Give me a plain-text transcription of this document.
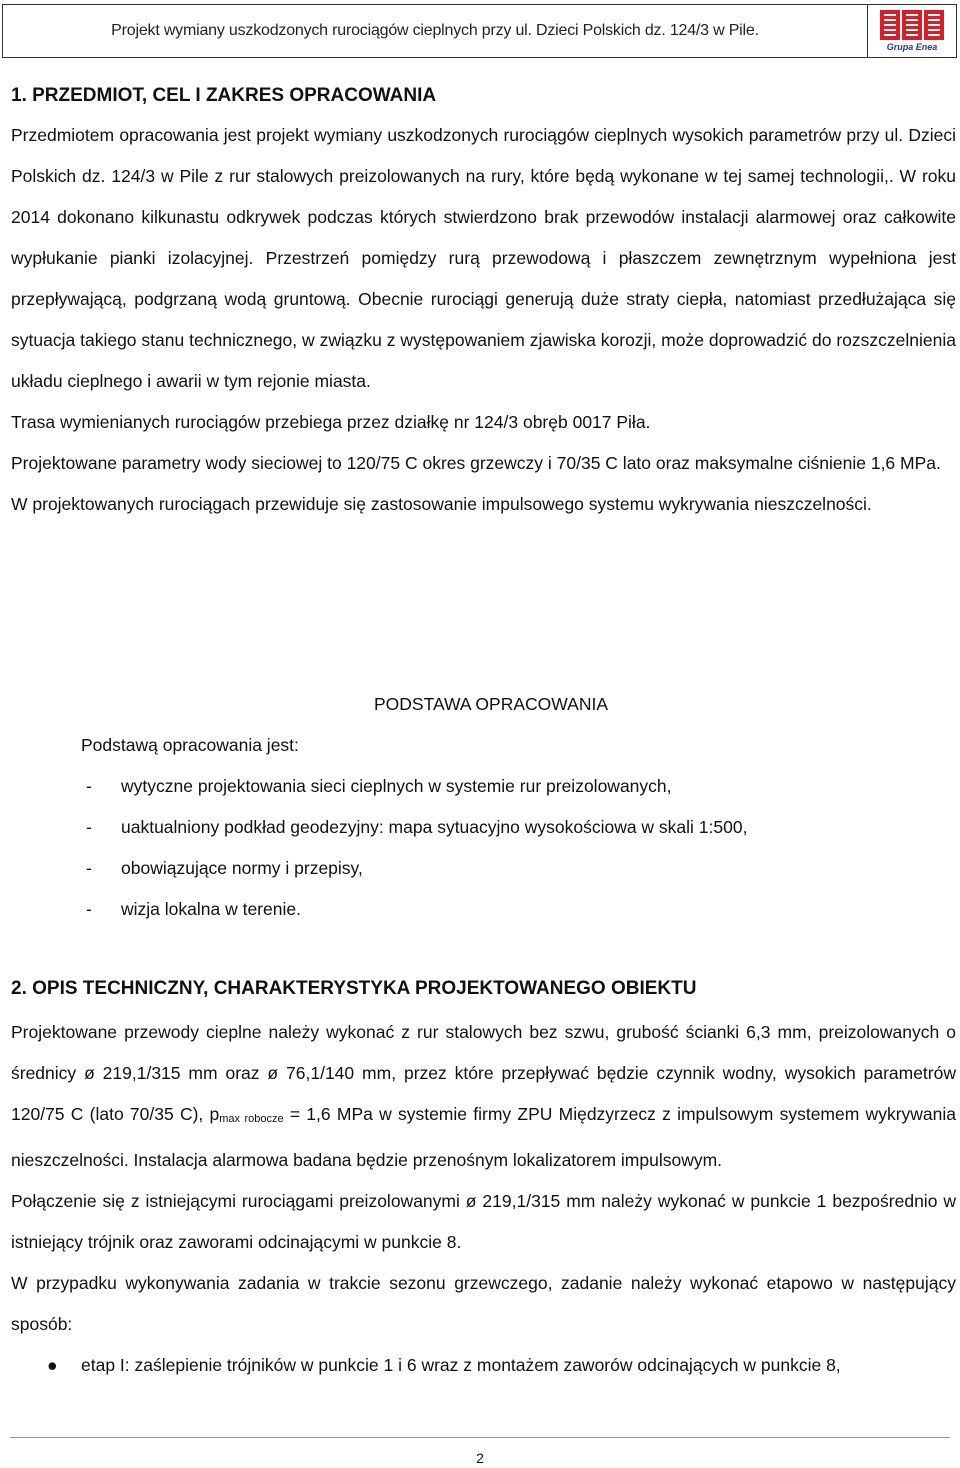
Projekt wymiany uszkodzonych rurociągów cieplnych przy ul. Dzieci Polskich dz. 124/3 w Pile.
Grupa Enea
1. PRZEDMIOT, CEL I ZAKRES OPRACOWANIA

Przedmiotem opracowania jest projekt wymiany uszkodzonych rurociągów cieplnych wysokich parametrów przy ul. Dzieci Polskich dz. 124/3 w Pile z rur stalowych preizolowanych na rury, które będą wykonane w tej samej technologii,. W roku 2014 dokonano kilkunastu odkrywek podczas których stwierdzono brak przewodów instalacji alarmowej oraz całkowite wypłukanie pianki izolacyjnej. Przestrzeń pomiędzy rurą przewodową i płaszczem zewnętrznym wypełniona jest przepływającą, podgrzaną wodą gruntową. Obecnie rurociągi generują duże straty ciepła, natomiast przedłużająca się sytuacja takiego stanu technicznego, w związku z występowaniem zjawiska korozji, może doprowadzić do rozszczelnienia układu cieplnego i awarii w tym rejonie miasta.

Trasa wymienianych rurociągów przebiega przez działkę nr 124/3 obręb 0017 Piła.

Projektowane parametry wody sieciowej to 120/75 C okres grzewczy i 70/35 C lato oraz maksymalne ciśnienie 1,6 MPa.

W projektowanych rurociągach przewiduje się zastosowanie impulsowego systemu wykrywania nieszczelności.

PODSTAWA OPRACOWANIA
Podstawą opracowania jest:
- wytyczne projektowania sieci cieplnych w systemie rur preizolowanych,
- uaktualniony podkład geodezyjny: mapa sytuacyjno wysokościowa w skali 1:500,
- obowiązujące normy i przepisy,
- wizja lokalna w terenie.
2. OPIS TECHNICZNY, CHARAKTERYSTYKA PROJEKTOWANEGO OBIEKTU

Projektowane przewody cieplne należy wykonać z rur stalowych bez szwu, grubość ścianki 6,3 mm, preizolowanych o średnicy ø 219,1/315 mm oraz ø 76,1/140 mm, przez które przepływać będzie czynnik wodny, wysokich parametrów 120/75 C (lato 70/35 C), pmax robocze = 1,6 MPa w systemie firmy ZPU Międzyrzecz z impulsowym systemem wykrywania nieszczelności. Instalacja alarmowa badana będzie przenośnym lokalizatorem impulsowym.

Połączenie się z istniejącymi rurociągami preizolowanymi ø 219,1/315 mm należy wykonać w punkcie 1 bezpośrednio w istniejący trójnik oraz zaworami odcinającymi w punkcie 8.

W przypadku wykonywania zadania w trakcie sezonu grzewczego, zadanie należy wykonać etapowo w następujący sposób:

● etap I: zaślepienie trójników w punkcie 1 i 6 wraz z montażem zaworów odcinających w punkcie 8,
2
